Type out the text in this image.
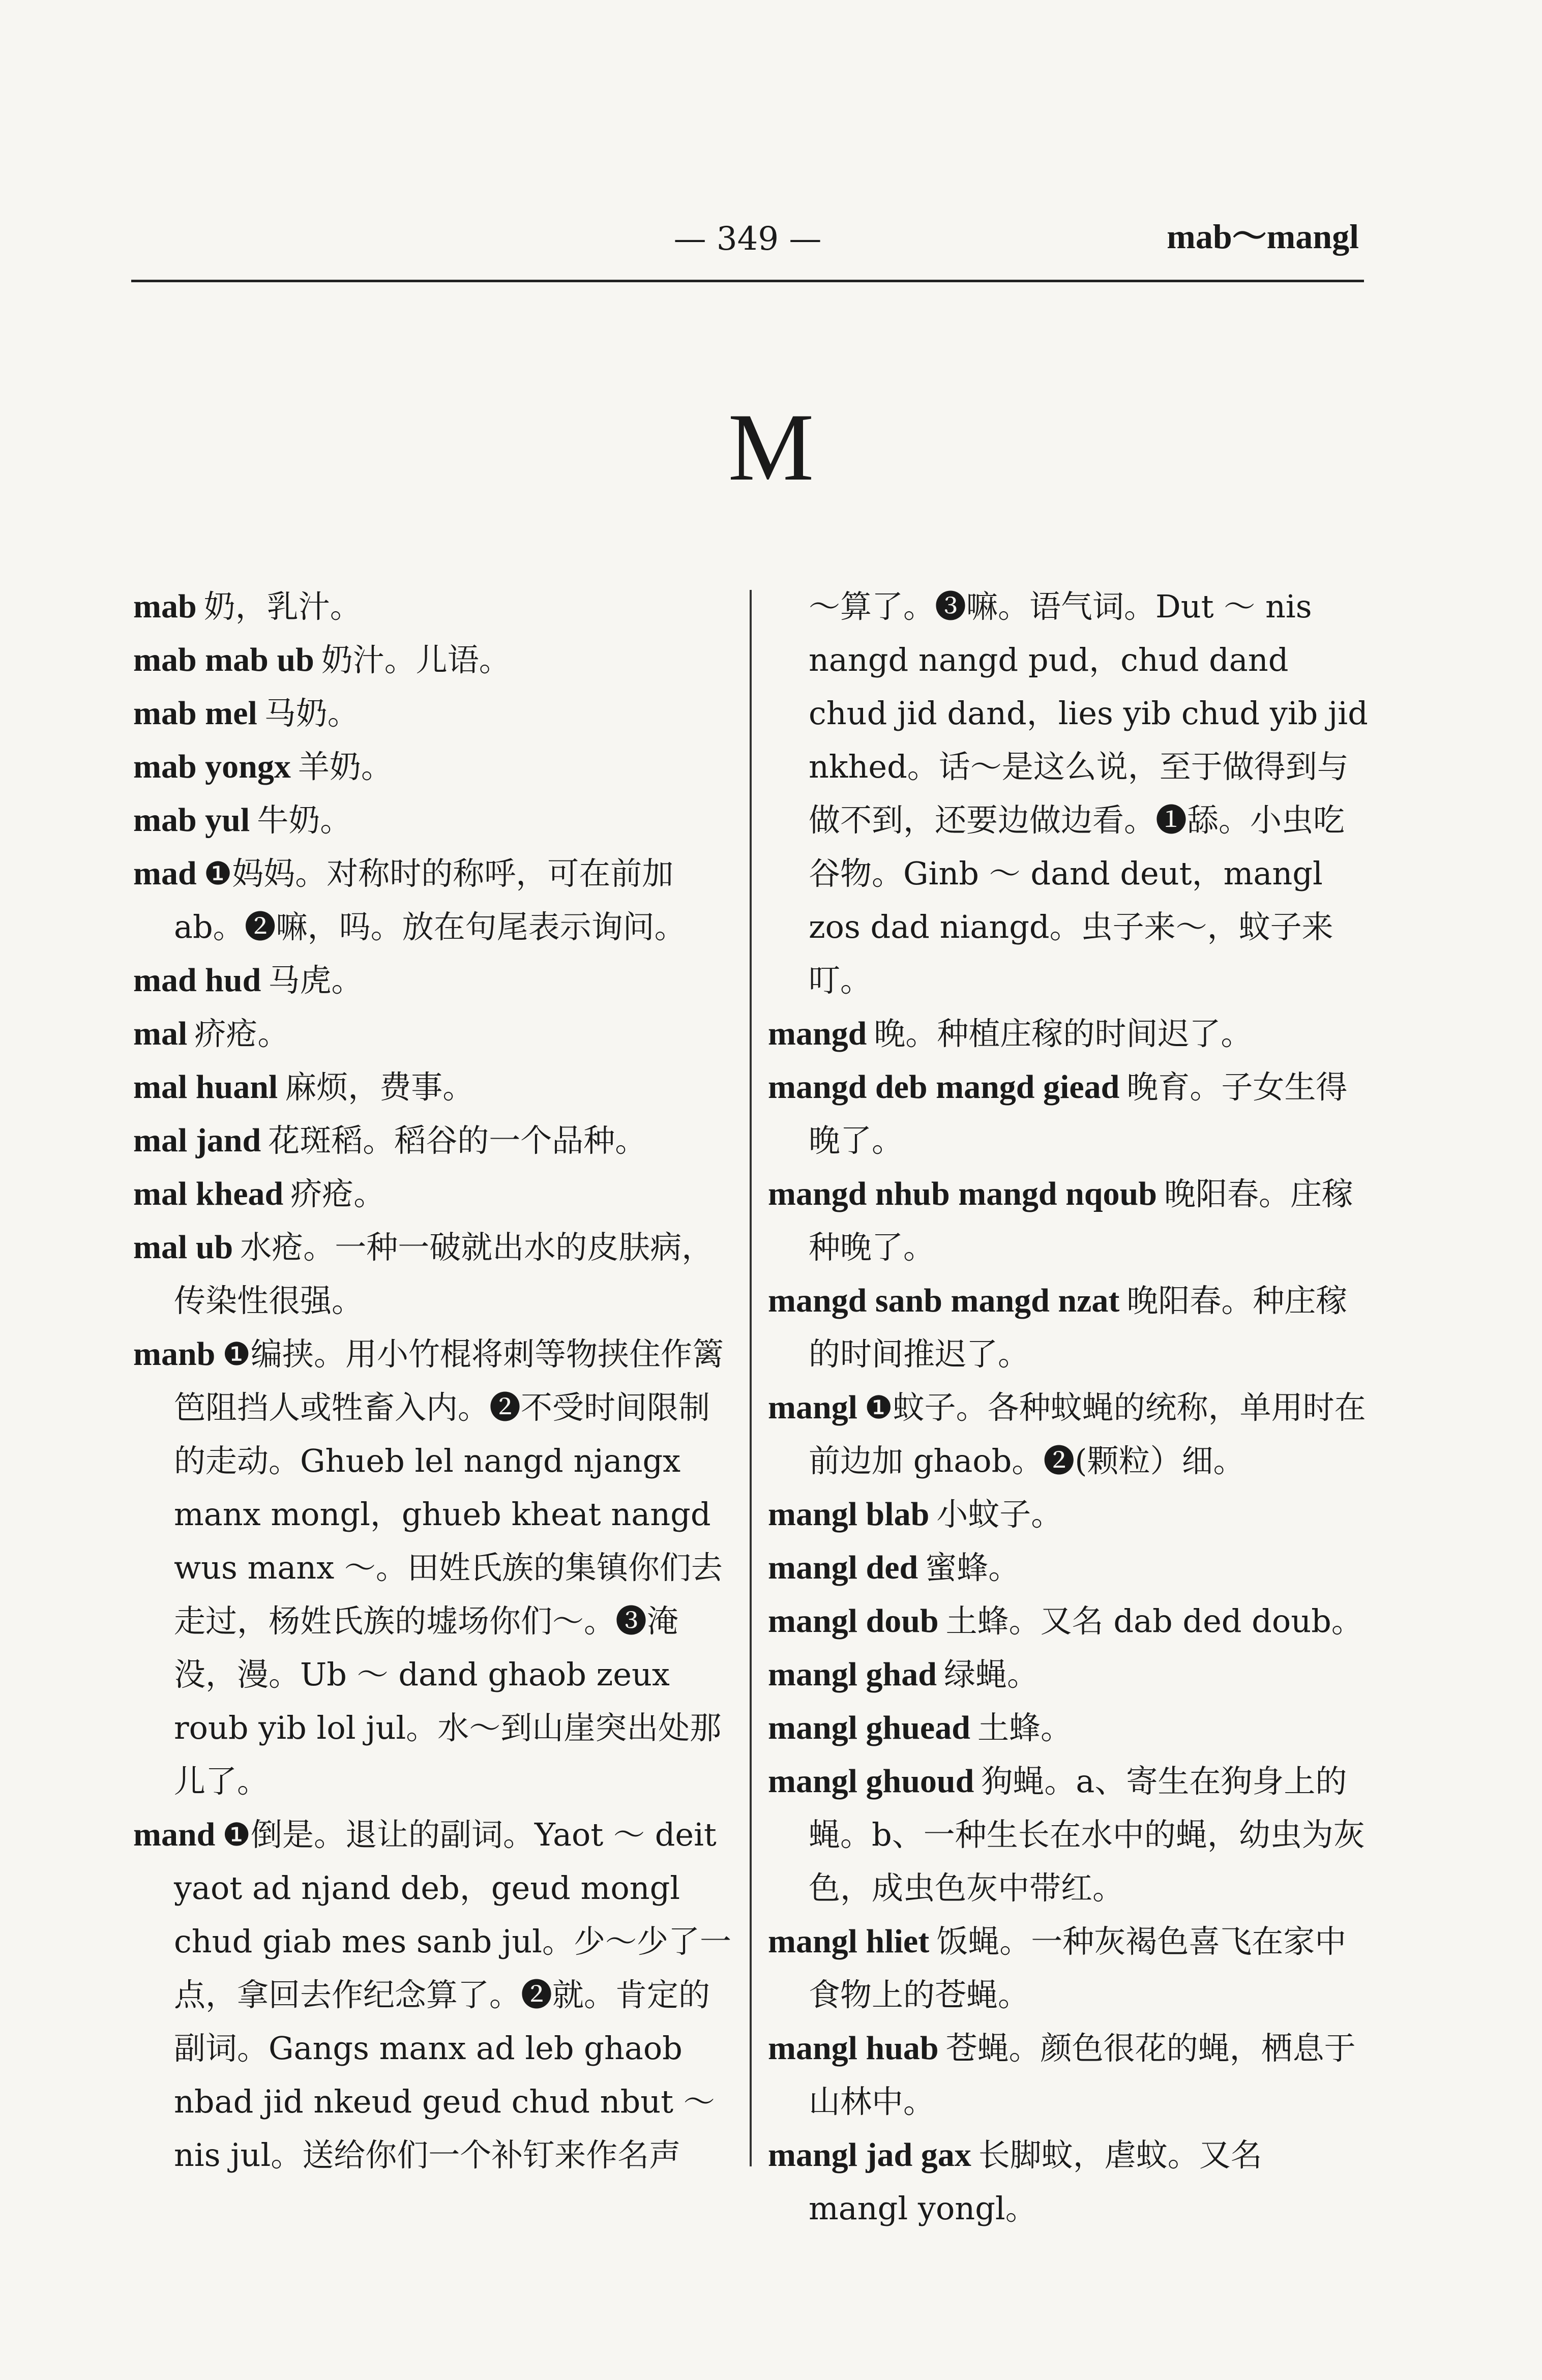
— 349 —	mab～mangl
M

mab 奶，乳汁。

mab mab ub 奶汁。儿语。

mab mel 马奶。

mab yongx 羊奶。

mab yul 牛奶。

mad ❶妈妈。对称时的称呼，可在前加 ab。❷嘛，吗。放在句尾表示询问。

mad hud 马虎。

mal 疥疮。

mal huanl 麻烦，费事。

mal jand 花斑稻。稻谷的一个品种。

mal khead 疥疮。

mal ub 水疮。一种一破就出水的皮肤病，传染性很强。

manb ❶编挟。用小竹棍将刺等物挟住作篱笆阻挡人或牲畜入内。❷不受时间限制的走动。Ghueb lel nangd njangx manx mongl，ghueb kheat nangd wus manx ～。田姓氏族的集镇你们去走过，杨姓氏族的墟场你们～。❸淹没，漫。Ub ～ dand ghaob zeux roub yib lol jul。水～到山崖突出处那儿了。

mand ❶倒是。退让的副词。Yaot ～ deit yaot ad njand deb，geud mongl chud giab mes sanb jul。少～少了一点，拿回去作纪念算了。❷就。肯定的副词。Gangs manx ad leb ghaob nbad jid nkeud geud chud nbut ～ nis jul。送给你们一个补钉来作名声

～算了。❸嘛。语气词。Dut ～ nis nangd nangd pud，chud dand chud jid dand，lies yib chud yib jid nkhed。话～是这么说，至于做得到与做不到，还要边做边看。❶舔。小虫吃谷物。Ginb ～ dand deut，mangl zos dad niangd。虫子来～，蚊子来叮。

mangd 晚。种植庄稼的时间迟了。

mangd deb mangd giead 晚育。子女生得晚了。

mangd nhub mangd nqoub 晚阳春。庄稼种晚了。

mangd sanb mangd nzat 晚阳春。种庄稼的时间推迟了。

mangl ❶蚊子。各种蚊蝇的统称，单用时在前边加 ghaob。❷(颗粒）细。

mangl blab 小蚊子。

mangl ded 蜜蜂。

mangl doub 土蜂。又名 dab ded doub。

mangl ghad 绿蝇。

mangl ghuead 土蜂。

mangl ghuoud 狗蝇。a、寄生在狗身上的蝇。b、一种生长在水中的蝇，幼虫为灰色，成虫色灰中带红。

mangl hliet 饭蝇。一种灰褐色喜飞在家中食物上的苍蝇。

mangl huab 苍蝇。颜色很花的蝇，栖息于山林中。

mangl jad gax 长脚蚊，虐蚊。又名 mangl yongl。
